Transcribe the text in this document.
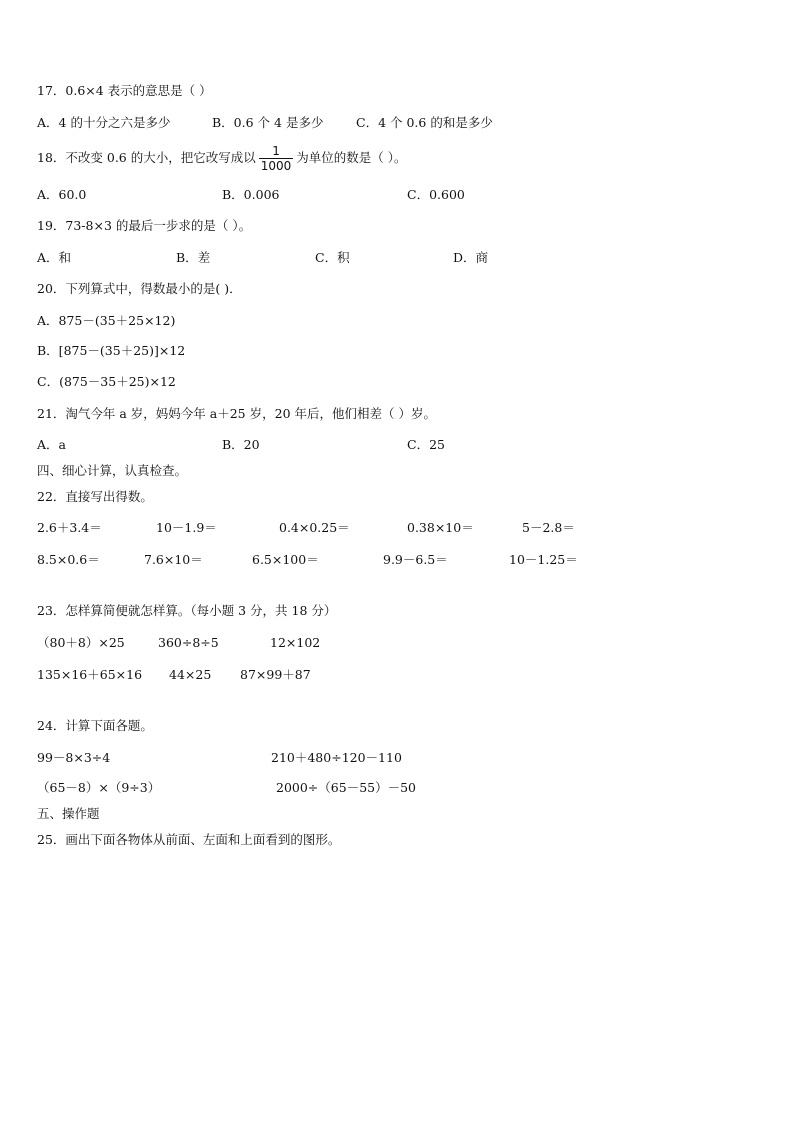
17．0.6×4 表示的意思是（ ）
A．4 的十分之六是多少	B．0.6 个 4 是多少	C．4 个 0.6 的和是多少
18．不改变 0.6 的大小，把它改写成以 $\frac{1}{1000}$ 为单位的数是（ ）。
A．60.0	B．0.006	C．0.600
19．73-8×3 的最后一步求的是（ ）。
A．和	B．差	C．积	D．商
20．下列算式中，得数最小的是( )．
A．875－(35＋25×12)
B．[875－(35＋25)]×12
C．(875－35＋25)×12
21．淘气今年 a 岁，妈妈今年 a＋25 岁，20 年后，他们相差（ ）岁。
A．a	B．20	C．25
四、细心计算，认真检查。
22．直接写出得数。
2.6＋3.4＝	10－1.9＝	0.4×0.25＝	0.38×10＝	5－2.8＝
8.5×0.6＝	7.6×10＝	6.5×100＝	9.9－6.5＝	10－1.25＝
23．怎样算简便就怎样算。（每小题 3 分，共 18 分）
（80＋8）×25	360÷8÷5	12×102
135×16＋65×16 44×25 87×99＋87
24．计算下面各题。
99－8×3÷4	210＋480÷120－110
（65－8）×（9÷3）	2000÷（65－55）－50
五、操作题
25．画出下面各物体从前面、左面和上面看到的图形。
